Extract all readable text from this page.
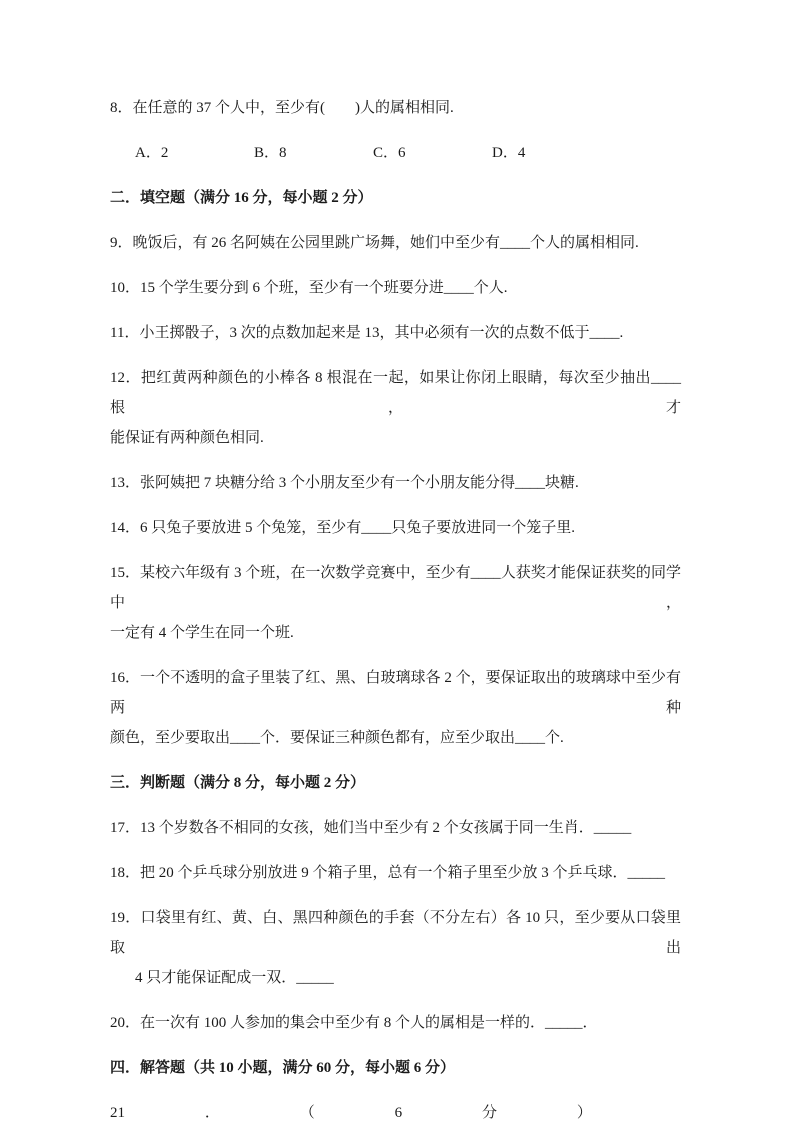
8．在任意的 37 个人中，至少有(　　)人的属相相同.

A．2	B．8	C．6	D．4

二．填空题（满分 16 分，每小题 2 分）

9．晚饭后，有 26 名阿姨在公园里跳广场舞，她们中至少有____个人的属相相同.

10．15 个学生要分到 6 个班，至少有一个班要分进____个人.

11．小王掷骰子，3 次的点数加起来是 13，其中必须有一次的点数不低于____.

12．把红黄两种颜色的小棒各 8 根混在一起，如果让你闭上眼睛，每次至少抽出____根，才

能保证有两种颜色相同.

13．张阿姨把 7 块糖分给 3 个小朋友至少有一个小朋友能分得____块糖.

14．6 只兔子要放进 5 个兔笼，至少有____只兔子要放进同一个笼子里.

15．某校六年级有 3 个班，在一次数学竞赛中，至少有____人获奖才能保证获奖的同学中，

一定有 4 个学生在同一个班.

16．一个不透明的盒子里装了红、黑、白玻璃球各 2 个，要保证取出的玻璃球中至少有两种

颜色，至少要取出____个．要保证三种颜色都有，应至少取出____个.

三．判断题（满分 8 分，每小题 2 分）

17．13 个岁数各不相同的女孩，她们当中至少有 2 个女孩属于同一生肖．_____

18．把 20 个乒乓球分别放进 9 个箱子里，总有一个箱子里至少放 3 个乒乓球．_____

19．口袋里有红、黄、白、黑四种颜色的手套（不分左右）各 10 只，至少要从口袋里取出

4 只才能保证配成一双．_____

20．在一次有 100 人参加的集会中至少有 8 个人的属相是一样的．_____．

四．解答题（共 10 小题，满分 60 分，每小题 6 分）

21	．	（	6	分	）
